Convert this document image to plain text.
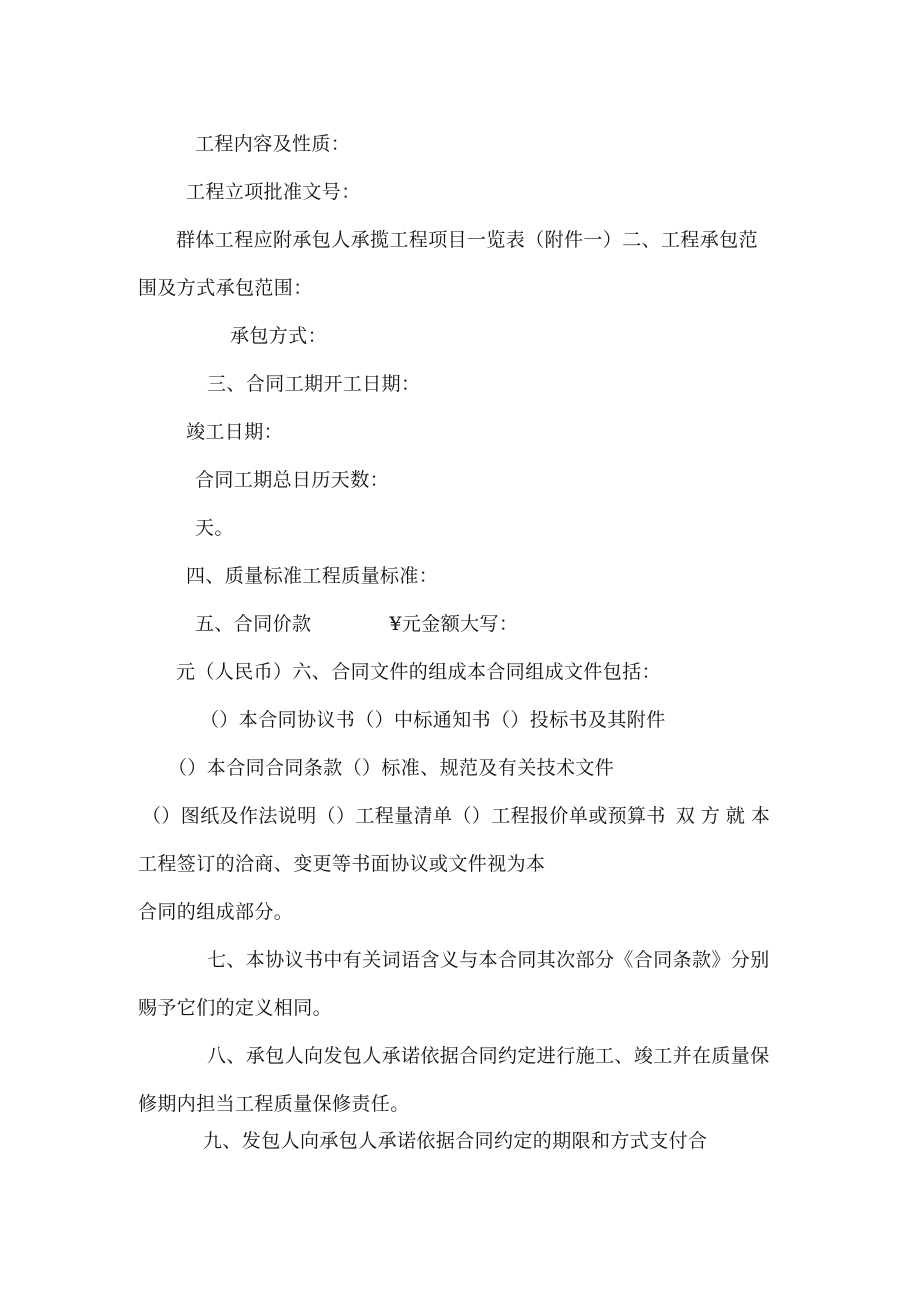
工程内容及性质：
工程立项批准文号：
群体工程应附承包人承揽工程项目一览表（附件一）二、工程承包范
围及方式承包范围：
承包方式：
三、合同工期开工日期：
竣工日期：
合同工期总日历天数：
天。
四、质量标准工程质量标准：
五、合同价款	¥元金额大写：
元（人民币）六、合同文件的组成本合同组成文件包括：
（）本合同协议书（）中标通知书（）投标书及其附件
（）本合同合同条款（）标准、规范及有关技术文件
（）图纸及作法说明（）工程量清单（）工程报价单或预算书 双方就本
工程签订的洽商、变更等书面协议或文件视为本
合同的组成部分。
七、本协议书中有关词语含义与本合同其次部分《合同条款》分别
赐予它们的定义相同。
八、承包人向发包人承诺依据合同约定进行施工、竣工并在质量保
修期内担当工程质量保修责任。
九、发包人向承包人承诺依据合同约定的期限和方式支付合
